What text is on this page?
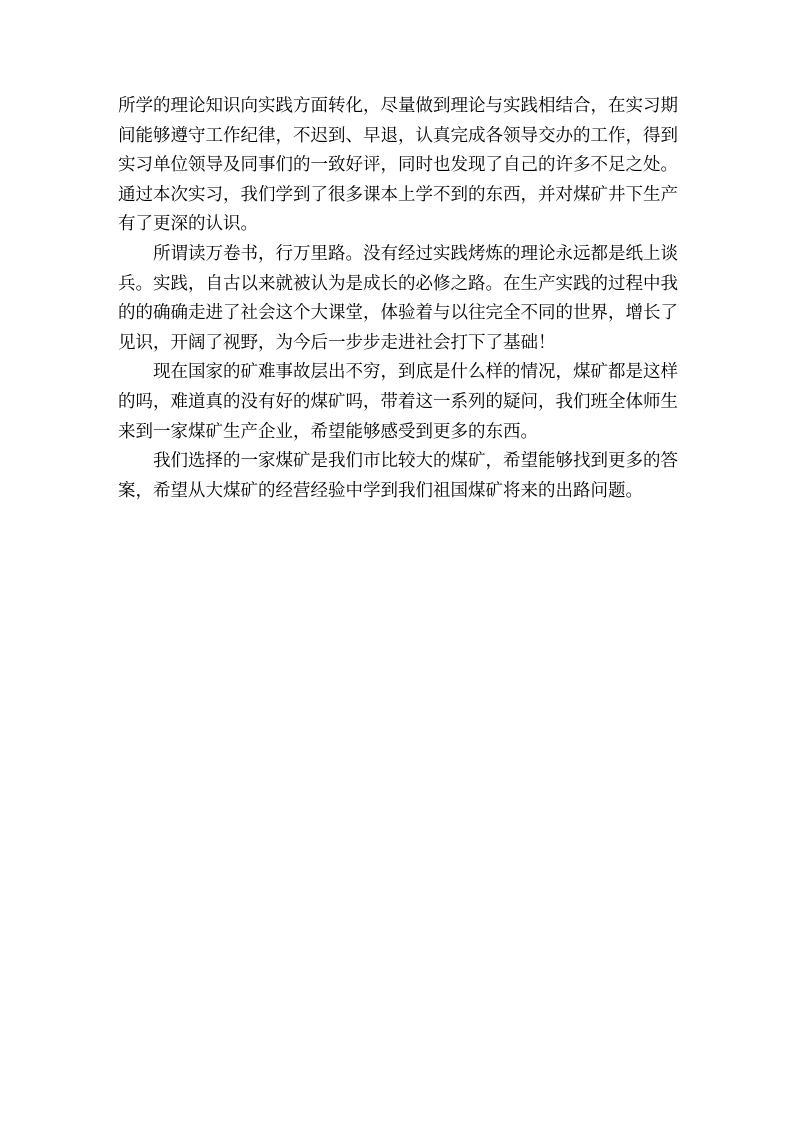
所学的理论知识向实践方面转化，尽量做到理论与实践相结合，在实习期间能够遵守工作纪律，不迟到、早退，认真完成各领导交办的工作，得到实习单位领导及同事们的一致好评，同时也发现了自己的许多不足之处。通过本次实习，我们学到了很多课本上学不到的东西，并对煤矿井下生产有了更深的认识。

所谓读万卷书，行万里路。没有经过实践烤炼的理论永远都是纸上谈兵。实践，自古以来就被认为是成长的必修之路。在生产实践的过程中我的的确确走进了社会这个大课堂，体验着与以往完全不同的世界，增长了见识，开阔了视野，为今后一步步走进社会打下了基础！

现在国家的矿难事故层出不穷，到底是什么样的情况，煤矿都是这样的吗，难道真的没有好的煤矿吗，带着这一系列的疑问，我们班全体师生来到一家煤矿生产企业，希望能够感受到更多的东西。

我们选择的一家煤矿是我们市比较大的煤矿，希望能够找到更多的答案，希望从大煤矿的经营经验中学到我们祖国煤矿将来的出路问题。
